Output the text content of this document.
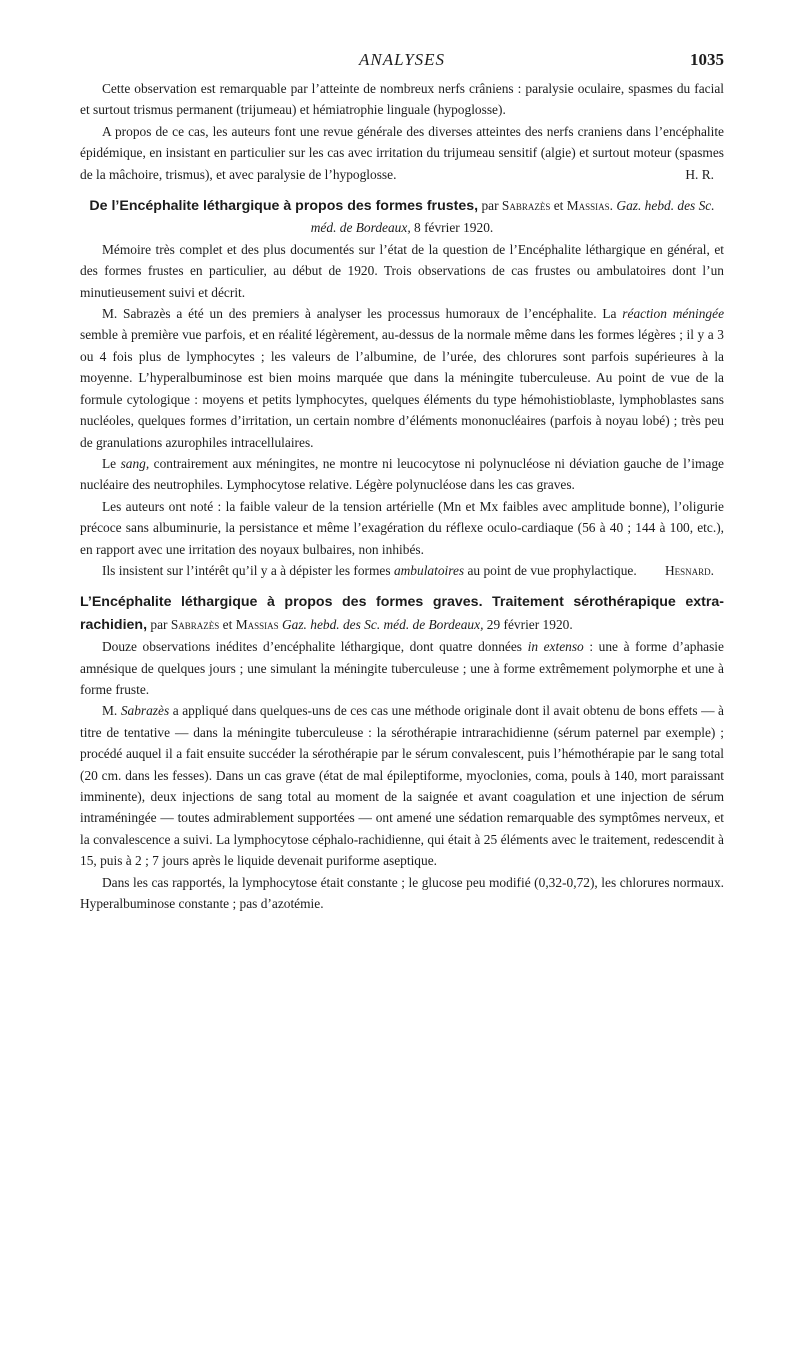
ANALYSES	1035

Cette observation est remarquable par l’atteinte de nombreux nerfs crâniens : paralysie oculaire, spasmes du facial et surtout trismus permanent (trijumeau) et hémiatrophie linguale (hypoglosse).

A propos de ce cas, les auteurs font une revue générale des diverses atteintes des nerfs craniens dans l’encéphalite épidémique, en insistant en particulier sur les cas avec irritation du trijumeau sensitif (algie) et surtout moteur (spasmes de la mâchoire, trismus), et avec paralysie de l’hypoglosse.	H. R.

De l’Encéphalite léthargique à propos des formes frustes, par Sabrazès et Massias. Gaz. hebd. des Sc. méd. de Bordeaux, 8 février 1920.

Mémoire très complet et des plus documentés sur l’état de la question de l’Encéphalite léthargique en général, et des formes frustes en particulier, au début de 1920. Trois observations de cas frustes ou ambulatoires dont l’un minutieusement suivi et décrit.

M. Sabrazès a été un des premiers à analyser les processus humoraux de l’encéphalite. La réaction méningée semble à première vue parfois, et en réalité légèrement, au-dessus de la normale même dans les formes légères ; il y a 3 ou 4 fois plus de lymphocytes ; les valeurs de l’albumine, de l’urée, des chlorures sont parfois supérieures à la moyenne. L’hyperalbuminose est bien moins marquée que dans la méningite tuberculeuse. Au point de vue de la formule cytologique : moyens et petits lymphocytes, quelques éléments du type hémohistioblaste, lymphoblastes sans nucléoles, quelques formes d’irritation, un certain nombre d’éléments mononucléaires (parfois à noyau lobé) ; très peu de granulations azurophiles intracellulaires.

Le sang, contrairement aux méningites, ne montre ni leucocytose ni polynucléose ni déviation gauche de l’image nucléaire des neutrophiles. Lymphocytose relative. Légère polynucléose dans les cas graves.

Les auteurs ont noté : la faible valeur de la tension artérielle (Mn et Mx faibles avec amplitude bonne), l’oligurie précoce sans albuminurie, la persistance et même l’exagération du réflexe oculo-cardiaque (56 à 40 ; 144 à 100, etc.), en rapport avec une irritation des noyaux bulbaires, non inhibés.

Ils insistent sur l’intérêt qu’il y a à dépister les formes ambulatoires au point de vue prophylactique.	Hesnard.

L’Encéphalite léthargique à propos des formes graves. Traitement sérothérapique extra-rachidien, par Sabrazès et Massias Gaz. hebd. des Sc. méd. de Bordeaux, 29 février 1920.

Douze observations inédites d’encéphalite léthargique, dont quatre données in extenso : une à forme d’aphasie amnésique de quelques jours ; une simulant la méningite tuberculeuse ; une à forme extrêmement polymorphe et une à forme fruste.

M. Sabrazès a appliqué dans quelques-uns de ces cas une méthode originale dont il avait obtenu de bons effets — à titre de tentative — dans la méningite tuberculeuse : la sérothérapie intrarachidienne (sérum paternel par exemple) ; procédé auquel il a fait ensuite succéder la sérothérapie par le sérum convalescent, puis l’hémothérapie par le sang total (20 cm. dans les fesses). Dans un cas grave (état de mal épileptiforme, myoclonies, coma, pouls à 140, mort paraissant imminente), deux injections de sang total au moment de la saignée et avant coagulation et une injection de sérum intraméningée — toutes admirablement supportées — ont amené une sédation remarquable des symptômes nerveux, et la convalescence a suivi. La lymphocytose céphalo-rachidienne, qui était à 25 éléments avec le traitement, redescendit à 15, puis à 2 ; 7 jours après le liquide devenait puriforme aseptique.

Dans les cas rapportés, la lymphocytose était constante ; le glucose peu modifié (0,32-0,72), les chlorures normaux. Hyperalbuminose constante ; pas d’azotémie.
